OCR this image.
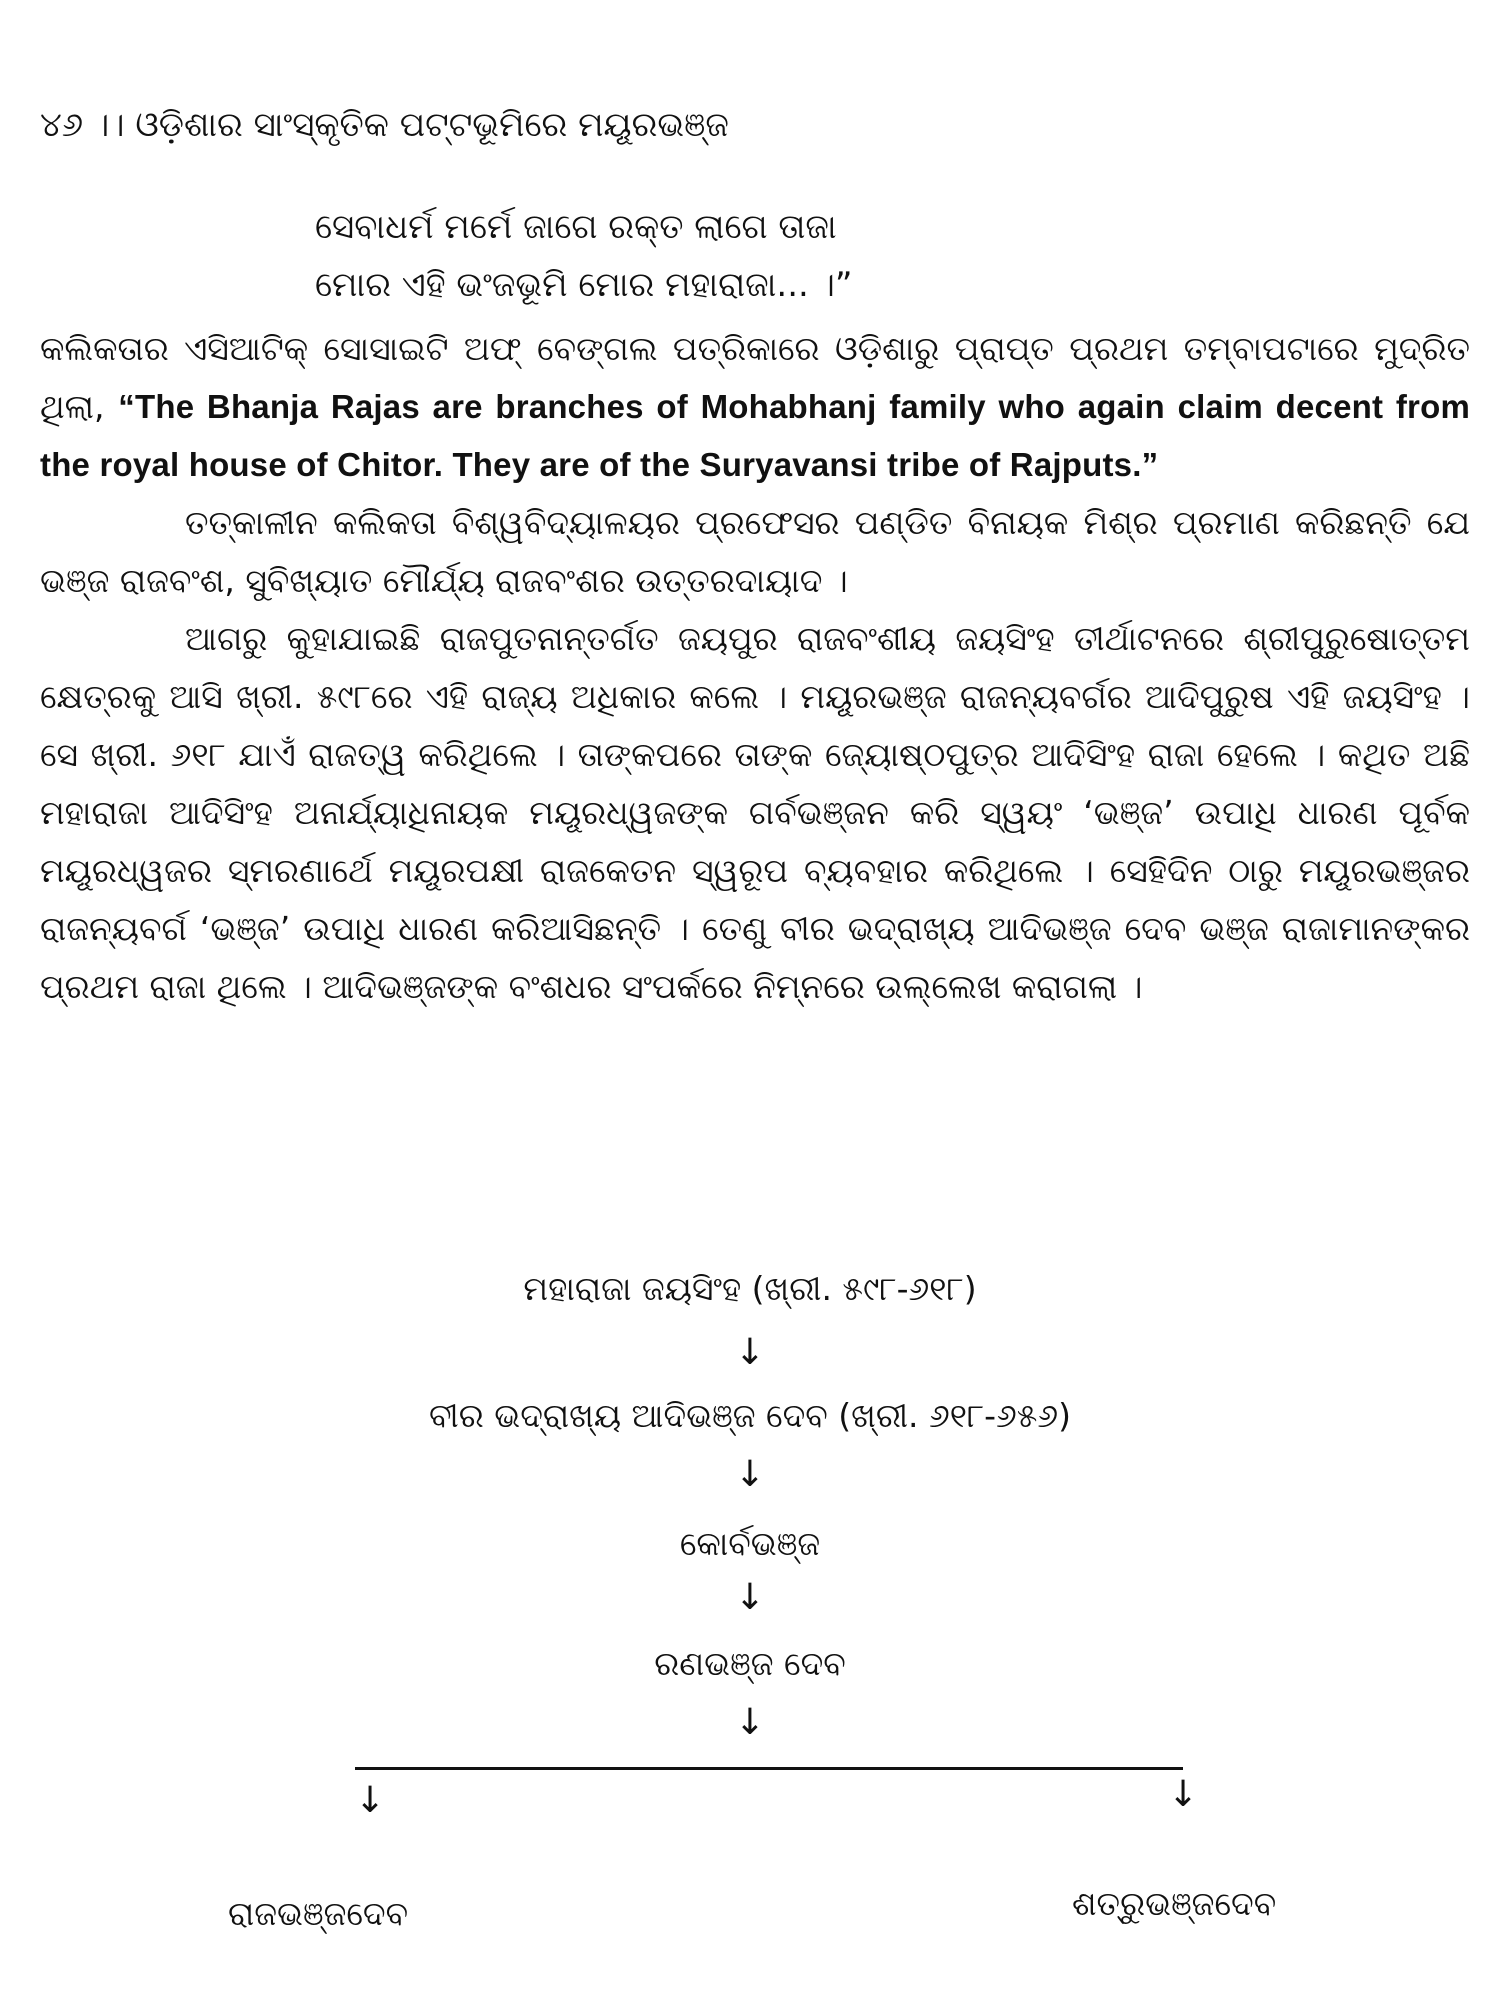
୪୬ ।। ଓଡ଼ିଶାର ସାଂସ୍କୃତିକ ପଟ୍ଟଭୂମିରେ ମୟୂରଭଞ୍ଜ
ସେବାଧର୍ମ ମର୍ମେ ଜାଗେ ରକ୍ତ ଲାଗେ ତାଜା
ମୋର ଏହି ଭଂଜଭୂମି ମୋର ମହାରାଜା... ।”

କଲିକତାର ଏସିଆଟିକ୍ ସୋସାଇଟି ଅଫ୍ ବେଙ୍ଗଲ ପତ୍ରିକାରେ ଓଡ଼ିଶାରୁ ପ୍ରାପ୍ତ ପ୍ରଥମ ତମ୍ବାପଟାରେ ମୁଦ୍ରିତ ଥିଲା, “The Bhanja Rajas are branches of Mohabhanj family who again claim decent from the royal house of Chitor. They are of the Suryavansi tribe of Rajputs.”

ତତ୍କାଳୀନ କଲିକତା ବିଶ୍ୱବିଦ୍ୟାଳୟର ପ୍ରଫେସର ପଣ୍ଡିତ ବିନାୟକ ମିଶ୍ର ପ୍ରମାଣ କରିଛନ୍ତି ଯେ ଭଞ୍ଜ ରାଜବଂଶ, ସୁବିଖ୍ୟାତ ମୌର୍ଯ୍ୟ ରାଜବଂଶର ଉତ୍ତରଦାୟାଦ ।

ଆଗରୁ କୁହାଯାଇଛି ରାଜପୁତନାନ୍ତର୍ଗତ ଜୟପୁର ରାଜବଂଶୀୟ ଜୟସିଂହ ତୀର୍ଥାଟନରେ ଶ୍ରୀପୁରୁଷୋତ୍ତମ କ୍ଷେତ୍ରକୁ ଆସି ଖ୍ରୀ. ୫୯୮ରେ ଏହି ରାଜ୍ୟ ଅଧିକାର କଲେ । ମୟୂରଭଞ୍ଜ ରାଜନ୍ୟବର୍ଗର ଆଦିପୁରୁଷ ଏହି ଜୟସିଂହ । ସେ ଖ୍ରୀ. ୬୧୮ ଯାଏଁ ରାଜତ୍ୱ କରିଥିଲେ । ତାଙ୍କପରେ ତାଙ୍କ ଜ୍ୟୋଷ୍ଠପୁତ୍ର ଆଦିସିଂହ ରାଜା ହେଲେ । କଥିତ ଅଛି ମହାରାଜା ଆଦିସିଂହ ଅନାର୍ଯ୍ୟାଧିନାୟକ ମୟୂରଧ୍ୱଜଙ୍କ ଗର୍ବଭଞ୍ଜନ କରି ସ୍ୱୟଂ ‘ଭଞ୍ଜ’ ଉପାଧି ଧାରଣ ପୂର୍ବକ ମୟୂରଧ୍ୱଜର ସ୍ମରଣାର୍ଥେ ମୟୂରପକ୍ଷୀ ରାଜକେତନ ସ୍ୱରୂପ ବ୍ୟବହାର କରିଥିଲେ । ସେହିଦିନ ଠାରୁ ମୟୂରଭଞ୍ଜର ରାଜନ୍ୟବର୍ଗ ‘ଭଞ୍ଜ’ ଉପାଧି ଧାରଣ କରିଆସିଛନ୍ତି । ତେଣୁ ବୀର ଭଦ୍ରାଖ୍ୟ ଆଦିଭଞ୍ଜ ଦେବ ଭଞ୍ଜ ରାଜାମାନଙ୍କର ପ୍ରଥମ ରାଜା ଥିଲେ । ଆଦିଭଞ୍ଜଙ୍କ ବଂଶଧର ସଂପର୍କରେ ନିମ୍ନରେ ଉଲ୍ଲେଖ କରାଗଲା ।

ମହାରାଜା ଜୟସିଂହ (ଖ୍ରୀ. ୫୯୮-୬୧୮)
↓
ବୀର ଭଦ୍ରାଖ୍ୟ ଆଦିଭଞ୍ଜ ଦେବ (ଖ୍ରୀ. ୬୧୮-୬୫୬)
↓
କୋର୍ବଭଞ୍ଜ
↓
ରଣଭଞ୍ଜ ଦେବ
↓
↓	↓
ରାଜଭଞ୍ଜଦେବ	ଶତ୍ରୁଭଞ୍ଜଦେବ
